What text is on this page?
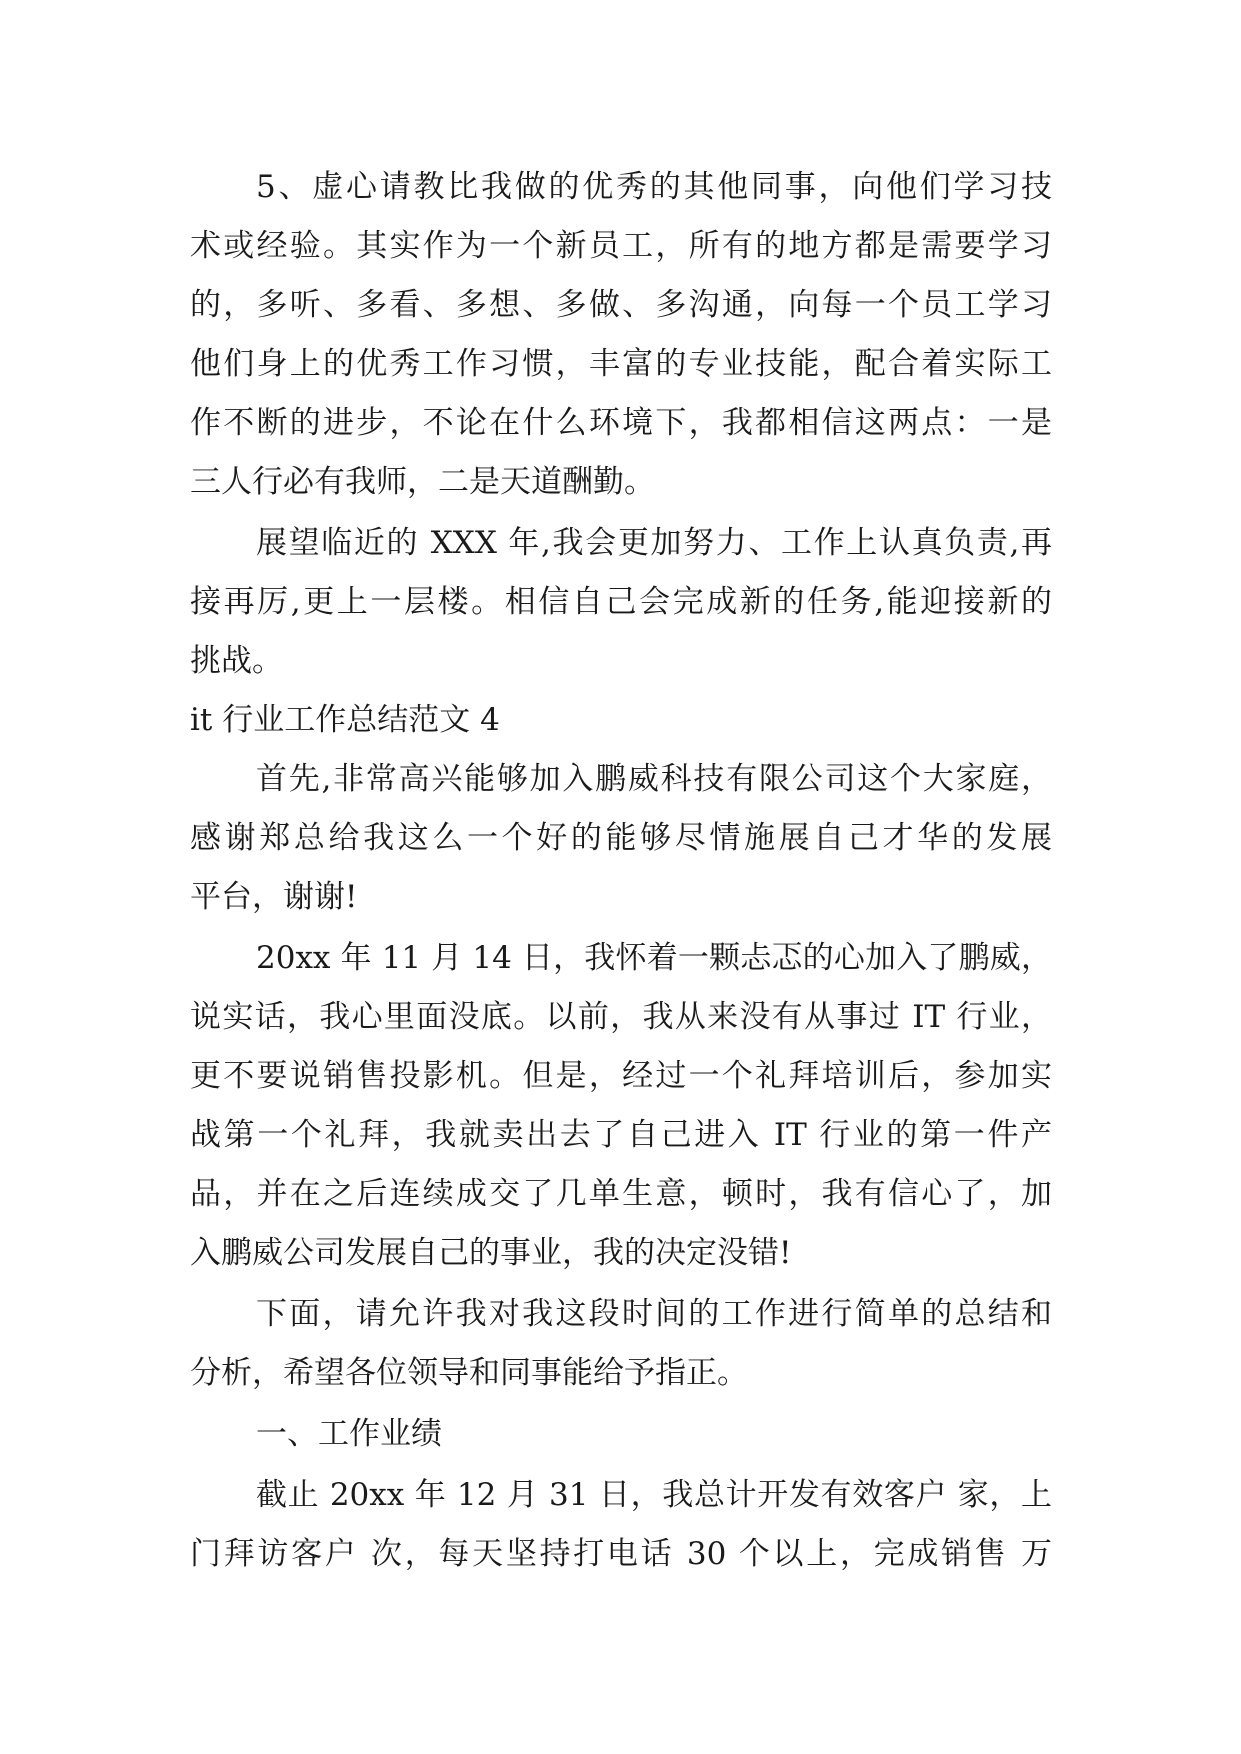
5、虚心请教比我做的优秀的其他同事，向他们学习技
术或经验。其实作为一个新员工，所有的地方都是需要学习
的，多听、多看、多想、多做、多沟通，向每一个员工学习
他们身上的优秀工作习惯，丰富的专业技能，配合着实际工
作不断的进步，不论在什么环境下，我都相信这两点：一是
三人行必有我师，二是天道酬勤。
展望临近的 XXX 年,我会更加努力、工作上认真负责,再
接再厉,更上一层楼。相信自己会完成新的任务,能迎接新的
挑战。
it 行业工作总结范文 4
首先,非常高兴能够加入鹏威科技有限公司这个大家庭，
感谢郑总给我这么一个好的能够尽情施展自己才华的发展
平台，谢谢!
20xx 年 11 月 14 日，我怀着一颗忐忑的心加入了鹏威，
说实话，我心里面没底。以前，我从来没有从事过 IT 行业，
更不要说销售投影机。但是，经过一个礼拜培训后，参加实
战第一个礼拜，我就卖出去了自己进入 IT 行业的第一件产
品，并在之后连续成交了几单生意，顿时，我有信心了，加
入鹏威公司发展自己的事业，我的决定没错!
下面，请允许我对我这段时间的工作进行简单的总结和
分析，希望各位领导和同事能给予指正。
一、工作业绩
截止 20xx 年 12 月 31 日，我总计开发有效客户 家，上
门拜访客户 次，每天坚持打电话 30 个以上，完成销售 万
